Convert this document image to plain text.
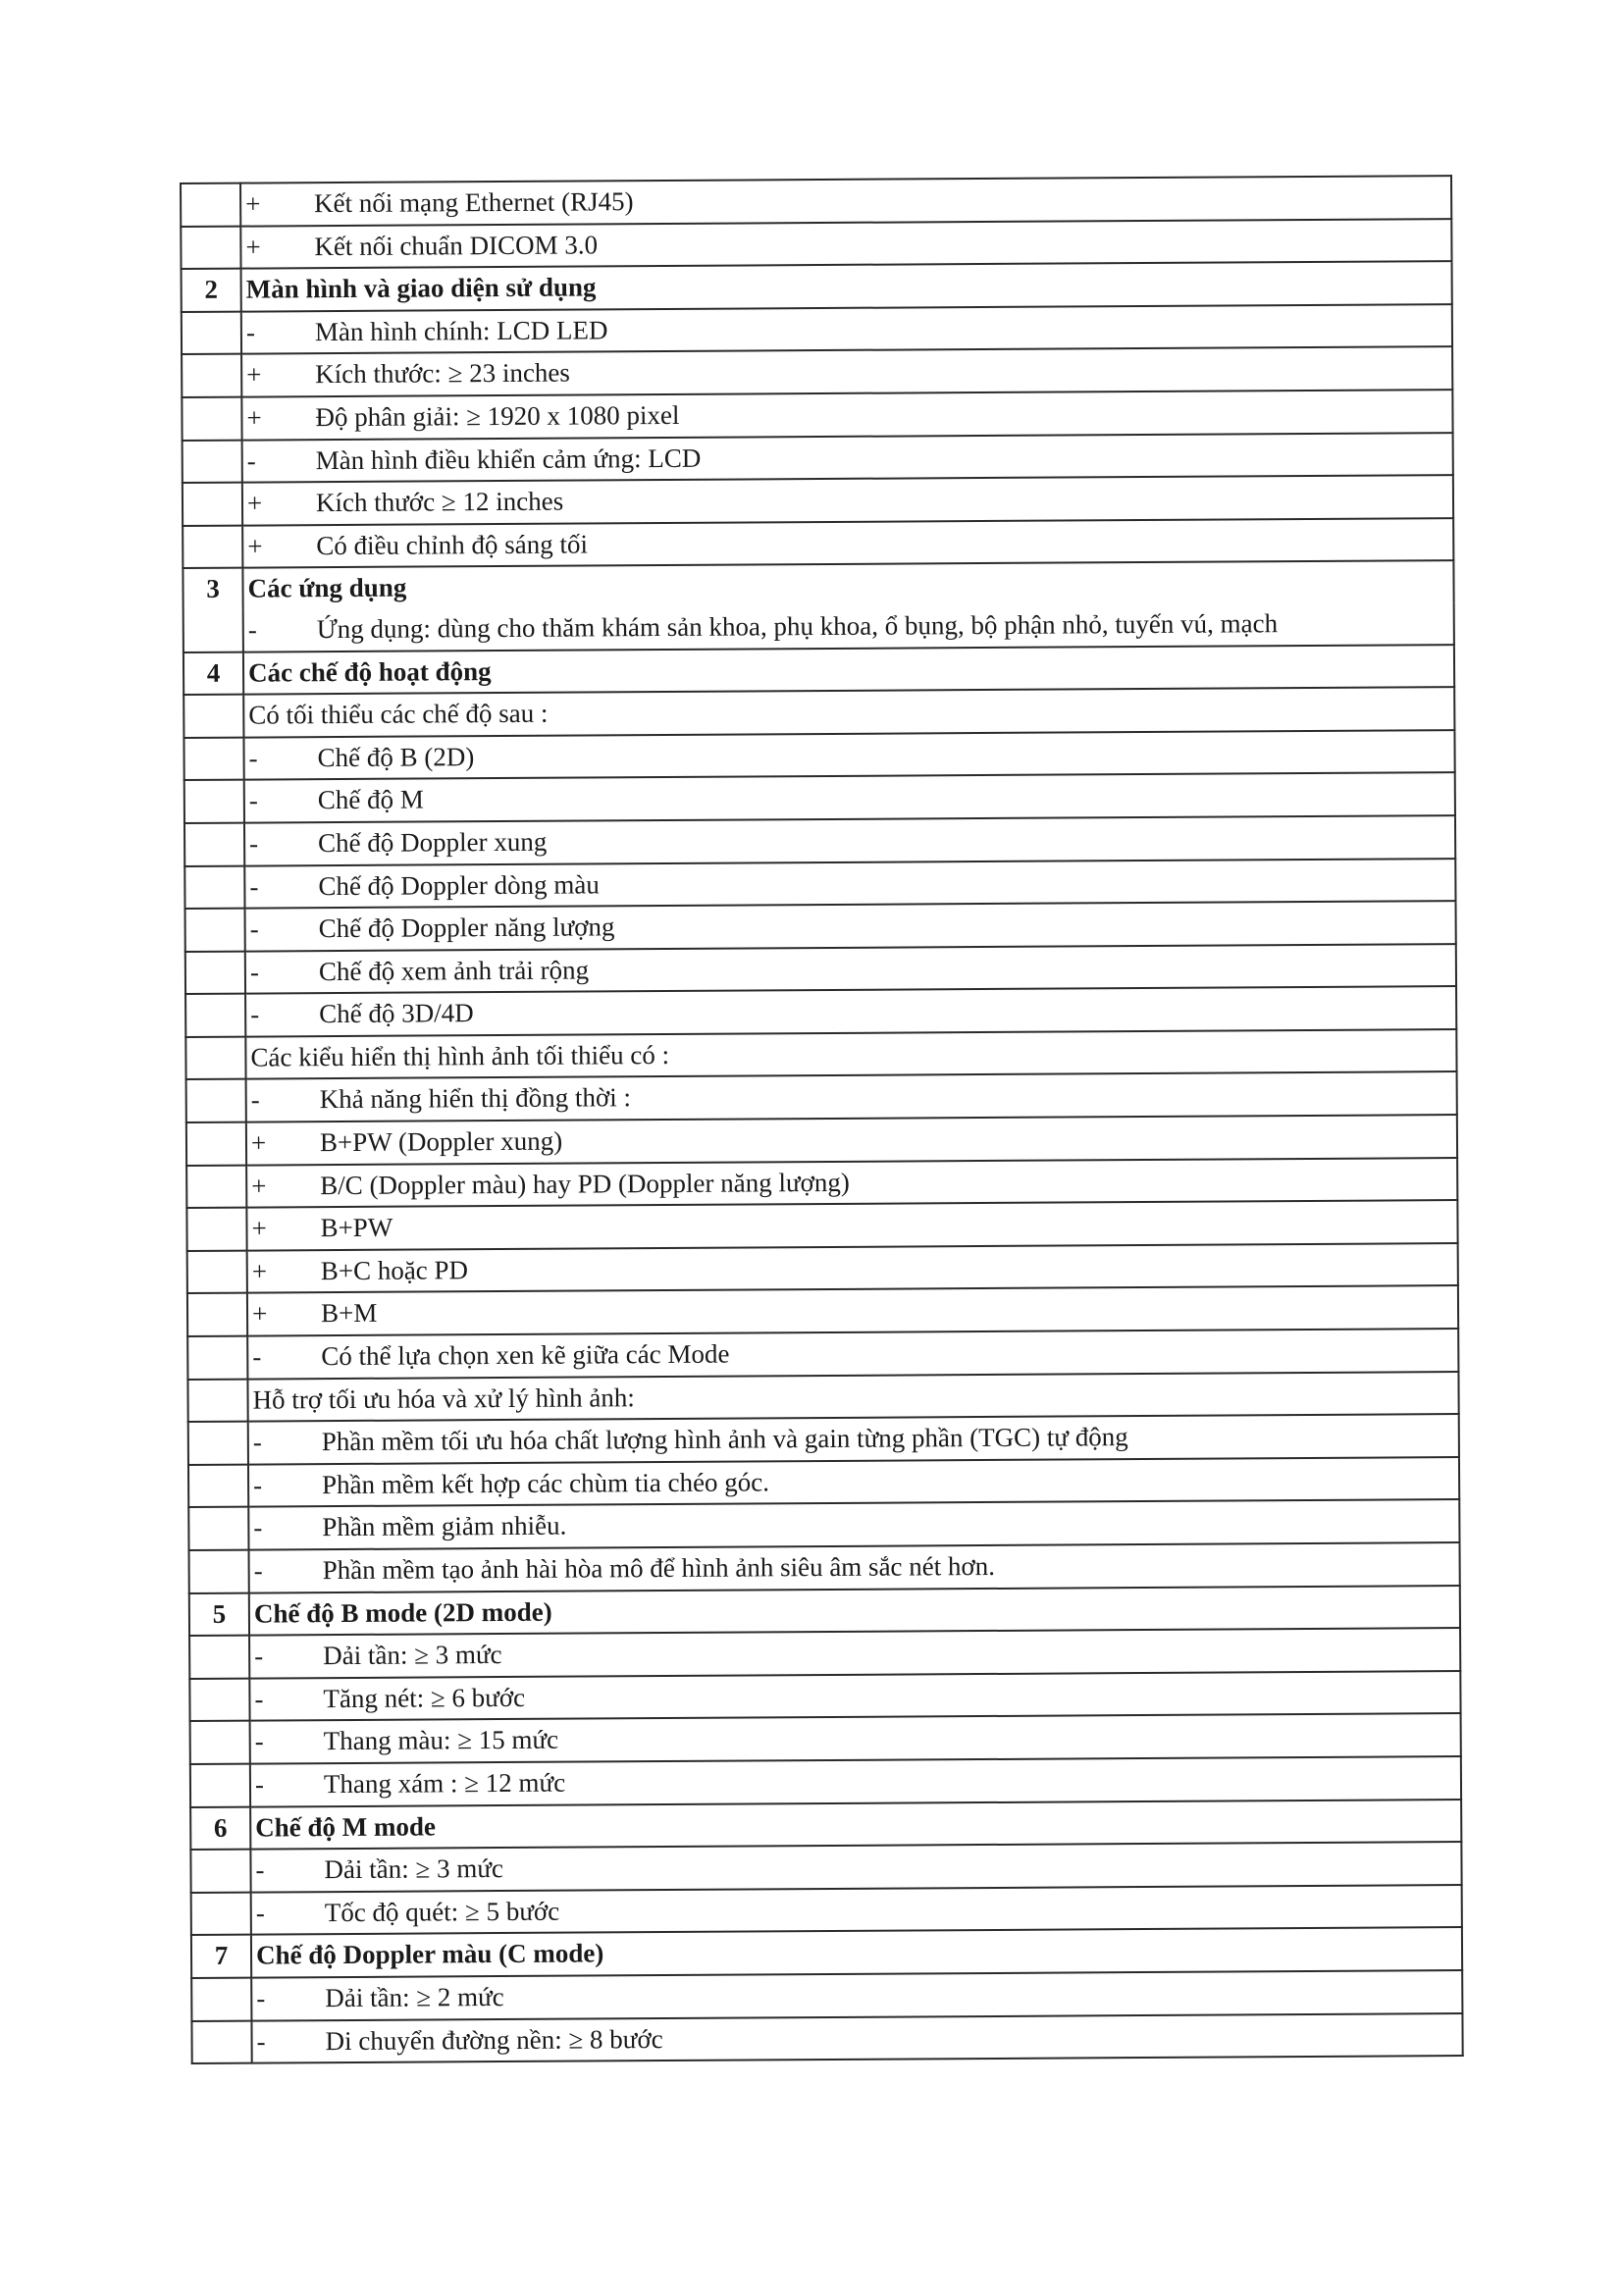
	+ Kết nối mạng Ethernet (RJ45)
	+ Kết nối chuẩn DICOM 3.0
2	Màn hình và giao diện sử dụng
	- Màn hình chính: LCD LED
	+ Kích thước: ≥ 23 inches
	+ Độ phân giải: ≥ 1920 x 1080 pixel
	- Màn hình điều khiển cảm ứng: LCD
	+ Kích thước ≥ 12 inches
	+ Có điều chỉnh độ sáng tối
3	Các ứng dụng
	- Ứng dụng: dùng cho thăm khám sản khoa, phụ khoa, ổ bụng, bộ phận nhỏ, tuyến vú, mạch
4	Các chế độ hoạt động
	Có tối thiểu các chế độ sau :
	- Chế độ B (2D)
	- Chế độ M
	- Chế độ Doppler xung
	- Chế độ Doppler dòng màu
	- Chế độ Doppler năng lượng
	- Chế độ xem ảnh trải rộng
	- Chế độ 3D/4D
	Các kiểu hiển thị hình ảnh tối thiểu có :
	- Khả năng hiển thị đồng thời :
	+ B+PW (Doppler xung)
	+ B/C (Doppler màu) hay PD (Doppler năng lượng)
	+ B+PW
	+ B+C hoặc PD
	+ B+M
	- Có thể lựa chọn xen kẽ giữa các Mode
	Hỗ trợ tối ưu hóa và xử lý hình ảnh:
	- Phần mềm tối ưu hóa chất lượng hình ảnh và gain từng phần (TGC) tự động
	- Phần mềm kết hợp các chùm tia chéo góc.
	- Phần mềm giảm nhiễu.
	- Phần mềm tạo ảnh hài hòa mô để hình ảnh siêu âm sắc nét hơn.
5	Chế độ B mode (2D mode)
	- Dải tần: ≥ 3 mức
	- Tăng nét: ≥ 6 bước
	- Thang màu: ≥ 15 mức
	- Thang xám : ≥ 12 mức
6	Chế độ M mode
	- Dải tần: ≥ 3 mức
	- Tốc độ quét: ≥ 5 bước
7	Chế độ Doppler màu (C mode)
	- Dải tần: ≥ 2 mức
	- Di chuyển đường nền: ≥ 8 bước
